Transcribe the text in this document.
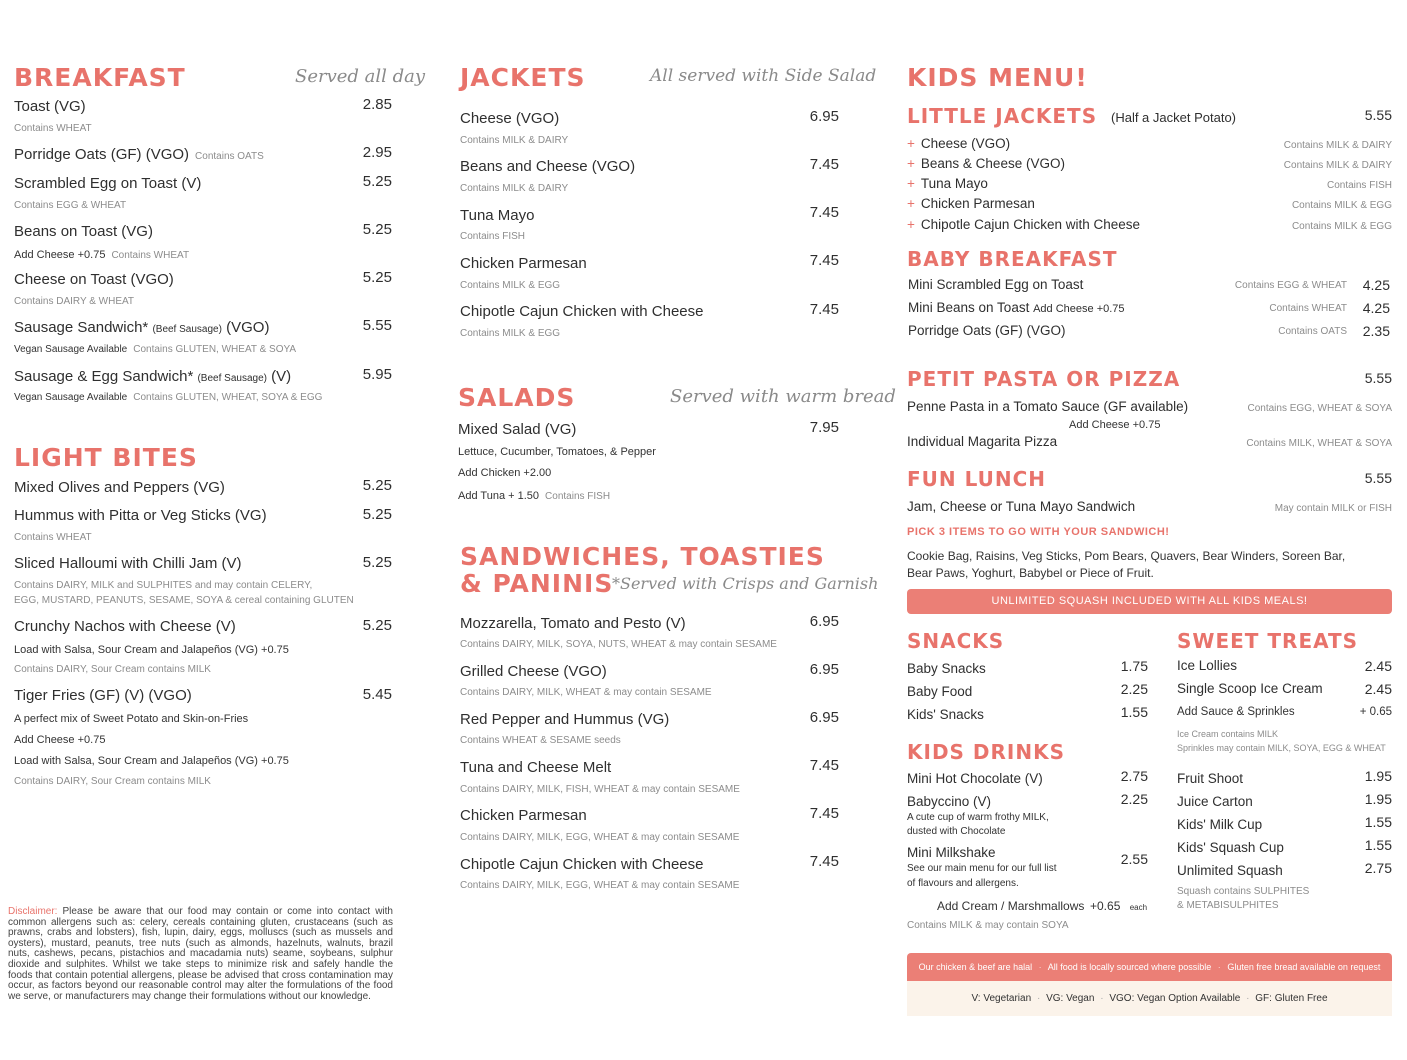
BREAKFAST	Served all day
Toast (VG)	2.85
Contains WHEAT
Porridge Oats (GF) (VGO) Contains OATS	2.95
Scrambled Egg on Toast (V)	5.25
Contains EGG & WHEAT
Beans on Toast (VG)	5.25
Add Cheese +0.75 Contains WHEAT
Cheese on Toast (VGO)	5.25
Contains DAIRY & WHEAT
Sausage Sandwich* (Beef Sausage) (VGO)	5.55
Vegan Sausage Available Contains GLUTEN, WHEAT & SOYA
Sausage & Egg Sandwich* (Beef Sausage) (V)	5.95
Vegan Sausage Available Contains GLUTEN, WHEAT, SOYA & EGG
LIGHT BITES
Mixed Olives and Peppers (VG)	5.25
Hummus with Pitta or Veg Sticks (VG)	5.25
Contains WHEAT
Sliced Halloumi with Chilli Jam (V)	5.25
Contains DAIRY, MILK and SULPHITES and may contain CELERY,
EGG, MUSTARD, PEANUTS, SESAME, SOYA & cereal containing GLUTEN
Crunchy Nachos with Cheese (V)	5.25
Load with Salsa, Sour Cream and Jalapeños (VG) +0.75
Contains DAIRY, Sour Cream contains MILK
Tiger Fries (GF) (V) (VGO)	5.45
A perfect mix of Sweet Potato and Skin-on-Fries
Add Cheese +0.75
Load with Salsa, Sour Cream and Jalapeños (VG) +0.75
Contains DAIRY, Sour Cream contains MILK
Disclaimer: Please be aware that our food may contain or come into contact with common allergens such as: celery, cereals containing gluten, crustaceans (such as prawns, crabs and lobsters), fish, lupin, dairy, eggs, molluscs (such as mussels and oysters), mustard, peanuts, tree nuts (such as almonds, hazelnuts, walnuts, brazil nuts, cashews, pecans, pistachios and macadamia nuts) seame, soybeans, sulphur dioxide and sulphites. Whilst we take steps to minimize risk and safely handle the foods that contain potential allergens, please be advised that cross contamination may occur, as factors beyond our reasonable control may alter the formulations of the food we serve, or manufacturers may change their formulations without our knowledge.
JACKETS	All served with Side Salad
Cheese (VGO)	6.95
Contains MILK & DAIRY
Beans and Cheese (VGO)	7.45
Contains MILK & DAIRY
Tuna Mayo	7.45
Contains FISH
Chicken Parmesan	7.45
Contains MILK & EGG
Chipotle Cajun Chicken with Cheese	7.45
Contains MILK & EGG
SALADS	Served with warm bread
Mixed Salad (VG)	7.95
Lettuce, Cucumber, Tomatoes, & Pepper
Add Chicken +2.00
Add Tuna + 1.50 Contains FISH
SANDWICHES, TOASTIES
& PANINIS
*Served with Crisps and Garnish
Mozzarella, Tomato and Pesto (V)	6.95
Contains DAIRY, MILK, SOYA, NUTS, WHEAT & may contain SESAME
Grilled Cheese (VGO)	6.95
Contains DAIRY, MILK, WHEAT & may contain SESAME
Red Pepper and Hummus (VG)	6.95
Contains WHEAT & SESAME seeds
Tuna and Cheese Melt	7.45
Contains DAIRY, MILK, FISH, WHEAT & may contain SESAME
Chicken Parmesan	7.45
Contains DAIRY, MILK, EGG, WHEAT & may contain SESAME
Chipotle Cajun Chicken with Cheese	7.45
Contains DAIRY, MILK, EGG, WHEAT & may contain SESAME
KIDS MENU!
LITTLE JACKETS (Half a Jacket Potato)	5.55
+ Cheese (VGO)	Contains MILK & DAIRY
+ Beans & Cheese (VGO)	Contains MILK & DAIRY
+ Tuna Mayo	Contains FISH
+ Chicken Parmesan	Contains MILK & EGG
+ Chipotle Cajun Chicken with Cheese	Contains MILK & EGG
BABY BREAKFAST
Mini Scrambled Egg on Toast	Contains EGG & WHEAT	4.25
Mini Beans on Toast Add Cheese +0.75	Contains WHEAT	4.25
Porridge Oats (GF) (VGO)	Contains OATS	2.35
PETIT PASTA OR PIZZA	5.55
Penne Pasta in a Tomato Sauce (GF available)	Contains EGG, WHEAT & SOYA
Add Cheese +0.75
Individual Magarita Pizza	Contains MILK, WHEAT & SOYA
FUN LUNCH	5.55
Jam, Cheese or Tuna Mayo Sandwich	May contain MILK or FISH
PICK 3 ITEMS TO GO WITH YOUR SANDWICH!
Cookie Bag, Raisins, Veg Sticks, Pom Bears, Quavers, Bear Winders, Soreen Bar,
Bear Paws, Yoghurt, Babybel or Piece of Fruit.
UNLIMITED SQUASH INCLUDED WITH ALL KIDS MEALS!
SNACKS
Baby Snacks	1.75
Baby Food	2.25
Kids' Snacks	1.55
SWEET TREATS
Ice Lollies	2.45
Single Scoop Ice Cream	2.45
Add Sauce & Sprinkles	+ 0.65
Ice Cream contains MILK
Sprinkles may contain MILK, SOYA, EGG & WHEAT
KIDS DRINKS
Mini Hot Chocolate (V)	2.75
Babyccino (V)	2.25
A cute cup of warm frothy MILK,
dusted with Chocolate
Mini Milkshake	2.55
See our main menu for our full list
of flavours and allergens.
Add Cream / Marshmallows +0.65 each
Contains MILK & may contain SOYA
Fruit Shoot	1.95
Juice Carton	1.95
Kids' Milk Cup	1.55
Kids' Squash Cup	1.55
Unlimited Squash	2.75
Squash contains SULPHITES
& METABISULPHITES
Our chicken & beef are halal · All food is locally sourced where possible · Gluten free bread available on request
V: Vegetarian · VG: Vegan · VGO: Vegan Option Available · GF: Gluten Free
